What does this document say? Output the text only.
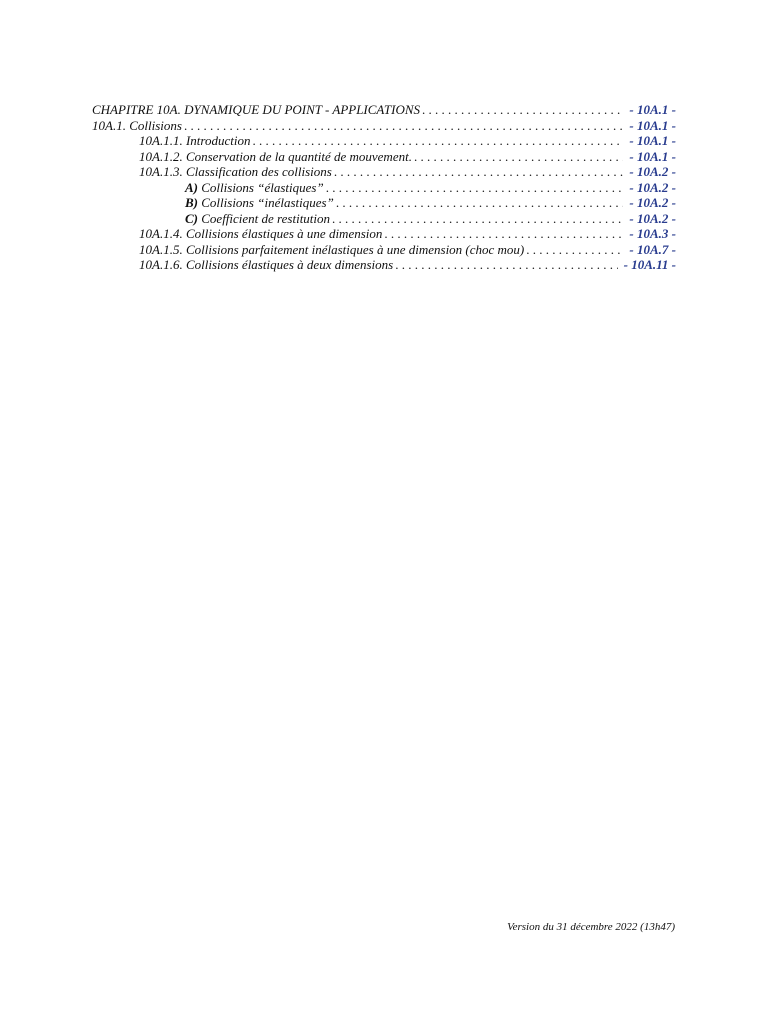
CHAPITRE 10A. DYNAMIQUE DU POINT - APPLICATIONS . . .	- 10A.1 -
10A.1. Collisions . . .	- 10A.1 -
10A.1.1. Introduction . . .	- 10A.1 -
10A.1.2. Conservation de la quantité de mouvement. . . .	- 10A.1 -
10A.1.3. Classification des collisions . . .	- 10A.2 -
A) Collisions “élastiques” . . .	- 10A.2 -
B) Collisions “inélastiques” . . .	- 10A.2 -
C) Coefficient de restitution . . .	- 10A.2 -
10A.1.4. Collisions élastiques à une dimension . . .	- 10A.3 -
10A.1.5. Collisions parfaitement inélastiques à une dimension (choc mou) . . .	- 10A.7 -
10A.1.6. Collisions élastiques à deux dimensions . . .	- 10A.11 -
Version du 31 décembre 2022 (13h47)
